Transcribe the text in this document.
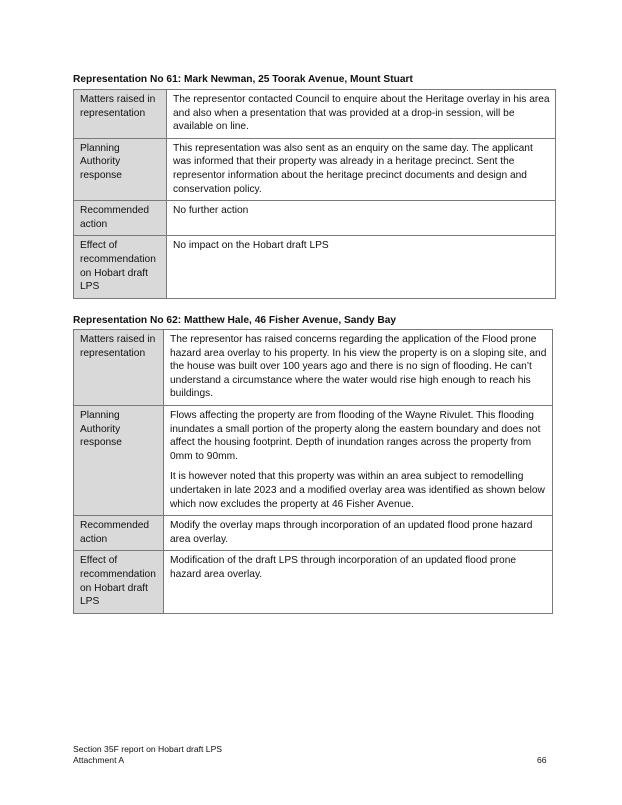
Representation No 61: Mark Newman, 25 Toorak Avenue, Mount Stuart
Matters raised in representation	The representor contacted Council to enquire about the Heritage overlay in his area and also when a presentation that was provided at a drop-in session, will be available on line.

Planning Authority response	This representation was also sent as an enquiry on the same day. The applicant was informed that their property was already in a heritage precinct. Sent the representor information about the heritage precinct documents and design and conservation policy.

Recommended action	No further action

Effect of recommendation on Hobart draft LPS	No impact on the Hobart draft LPS

Representation No 62: Matthew Hale, 46 Fisher Avenue, Sandy Bay
Matters raised in representation	The representor has raised concerns regarding the application of the Flood prone hazard area overlay to his property. In his view the property is on a sloping site, and the house was built over 100 years ago and there is no sign of flooding. He can’t understand a circumstance where the water would rise high enough to reach his buildings.

Planning Authority response	Flows affecting the property are from flooding of the Wayne Rivulet. This flooding inundates a small portion of the property along the eastern boundary and does not affect the housing footprint. Depth of inundation ranges across the property from 0mm to 90mm.

It is however noted that this property was within an area subject to remodelling undertaken in late 2023 and a modified overlay area was identified as shown below which now excludes the property at 46 Fisher Avenue.

Recommended action	Modify the overlay maps through incorporation of an updated flood prone hazard area overlay.

Effect of recommendation on Hobart draft LPS	Modification of the draft LPS through incorporation of an updated flood prone hazard area overlay.

Section 35F report on Hobart draft LPS
Attachment A	66
